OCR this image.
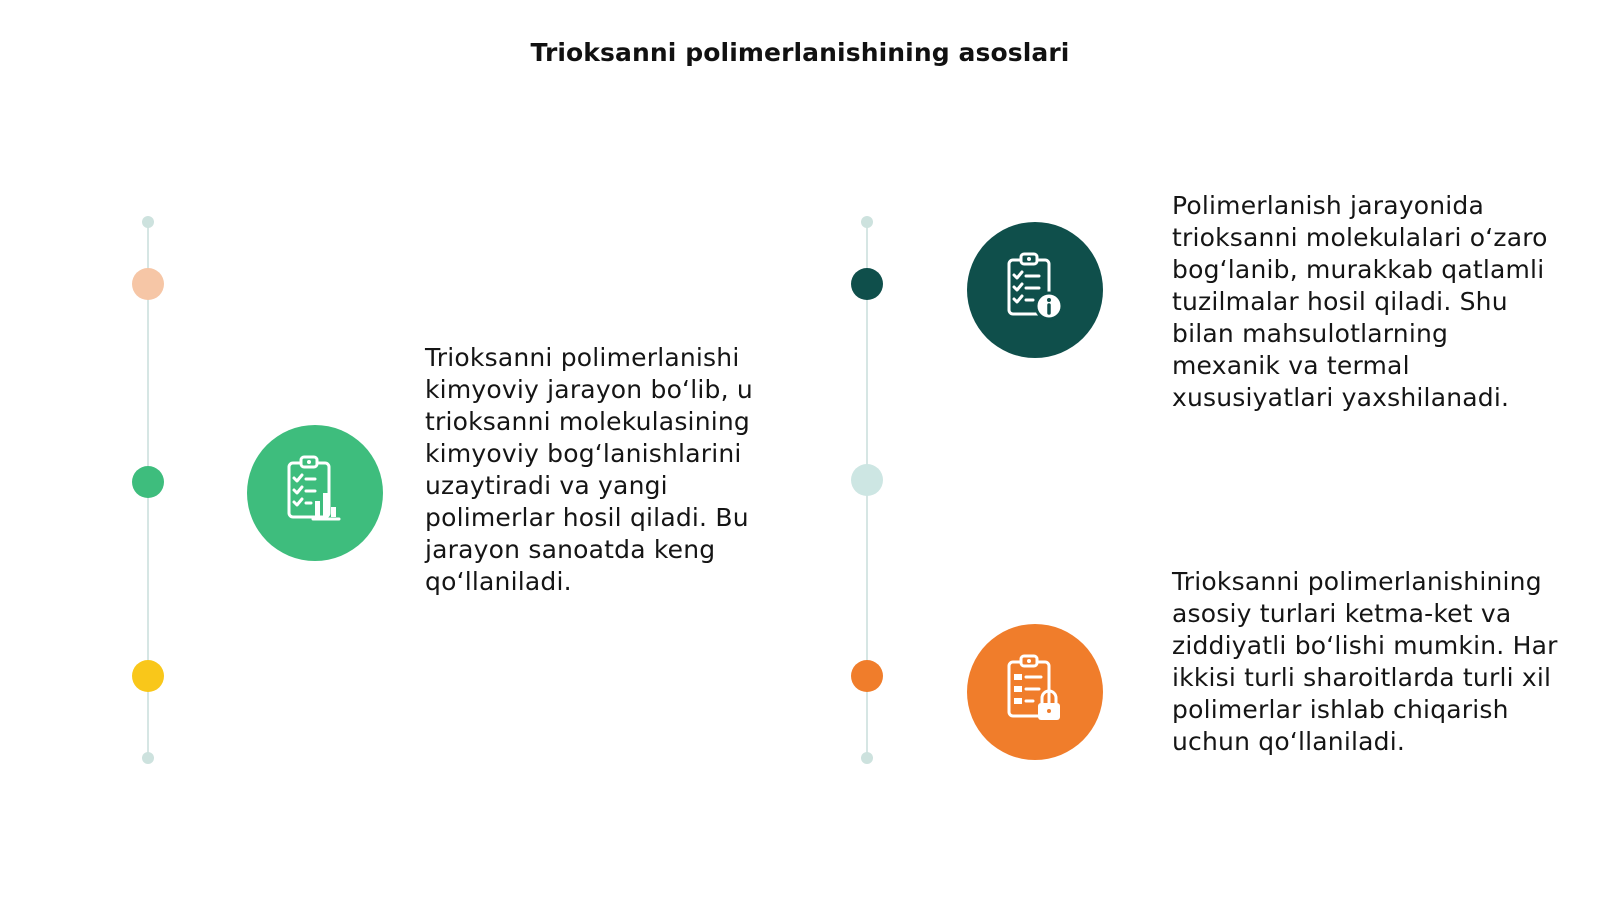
Trioksanni polimerlanishining asoslari

Trioksanni polimerlanishi kimyoviy jarayon bo‘lib, u trioksanni molekulasining kimyoviy bog‘lanishlarini uzaytiradi va yangi polimerlar hosil qiladi. Bu jarayon sanoatda keng qo‘llaniladi.

Polimerlanish jarayonida trioksanni molekulalari o‘zaro bog‘lanib, murakkab qatlamli tuzilmalar hosil qiladi. Shu bilan mahsulotlarning mexanik va termal xususiyatlari yaxshilanadi.

Trioksanni polimerlanishining asosiy turlari ketma-ket va ziddiyatli bo‘lishi mumkin. Har ikkisi turli sharoitlarda turli xil polimerlar ishlab chiqarish uchun qo‘llaniladi.
